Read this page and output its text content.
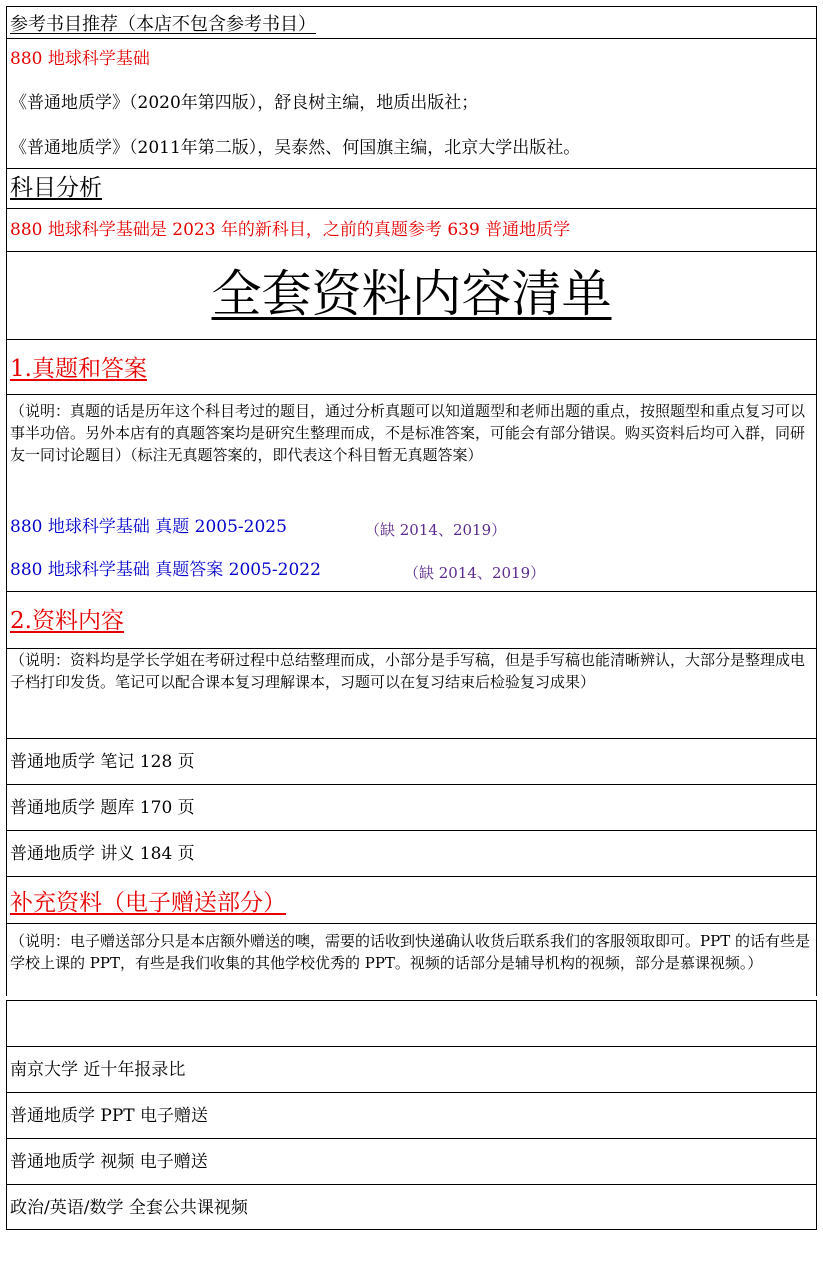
参考书目推荐（本店不包含参考书目）
880 地球科学基础
《普通地质学》（2020年第四版），舒良树主编，地质出版社；
《普通地质学》（2011年第二版），吴泰然、何国旗主编，北京大学出版社。
科目分析
880 地球科学基础是 2023 年的新科目，之前的真题参考 639 普通地质学
全套资料内容清单
1.真题和答案
（说明：真题的话是历年这个科目考过的题目，通过分析真题可以知道题型和老师出题的重点，按照题型和重点复习可以事半功倍。另外本店有的真题答案均是研究生整理而成，不是标准答案，可能会有部分错误。购买资料后均可入群，同研友一同讨论题目）（标注无真题答案的，即代表这个科目暂无真题答案）
880 地球科学基础 真题 2005-2025	（缺 2014、2019）
880 地球科学基础 真题答案 2005-2022	（缺 2014、2019）
2.资料内容
（说明：资料均是学长学姐在考研过程中总结整理而成，小部分是手写稿，但是手写稿也能清晰辨认，大部分是整理成电子档打印发货。笔记可以配合课本复习理解课本，习题可以在复习结束后检验复习成果）
普通地质学 笔记 128 页
普通地质学 题库 170 页
普通地质学 讲义 184 页
补充资料（电子赠送部分）
（说明：电子赠送部分只是本店额外赠送的噢，需要的话收到快递确认收货后联系我们的客服领取即可。PPT 的话有些是学校上课的 PPT，有些是我们收集的其他学校优秀的 PPT。视频的话部分是辅导机构的视频，部分是慕课视频。）
南京大学 近十年报录比
普通地质学 PPT 电子赠送
普通地质学 视频 电子赠送
政治/英语/数学 全套公共课视频
